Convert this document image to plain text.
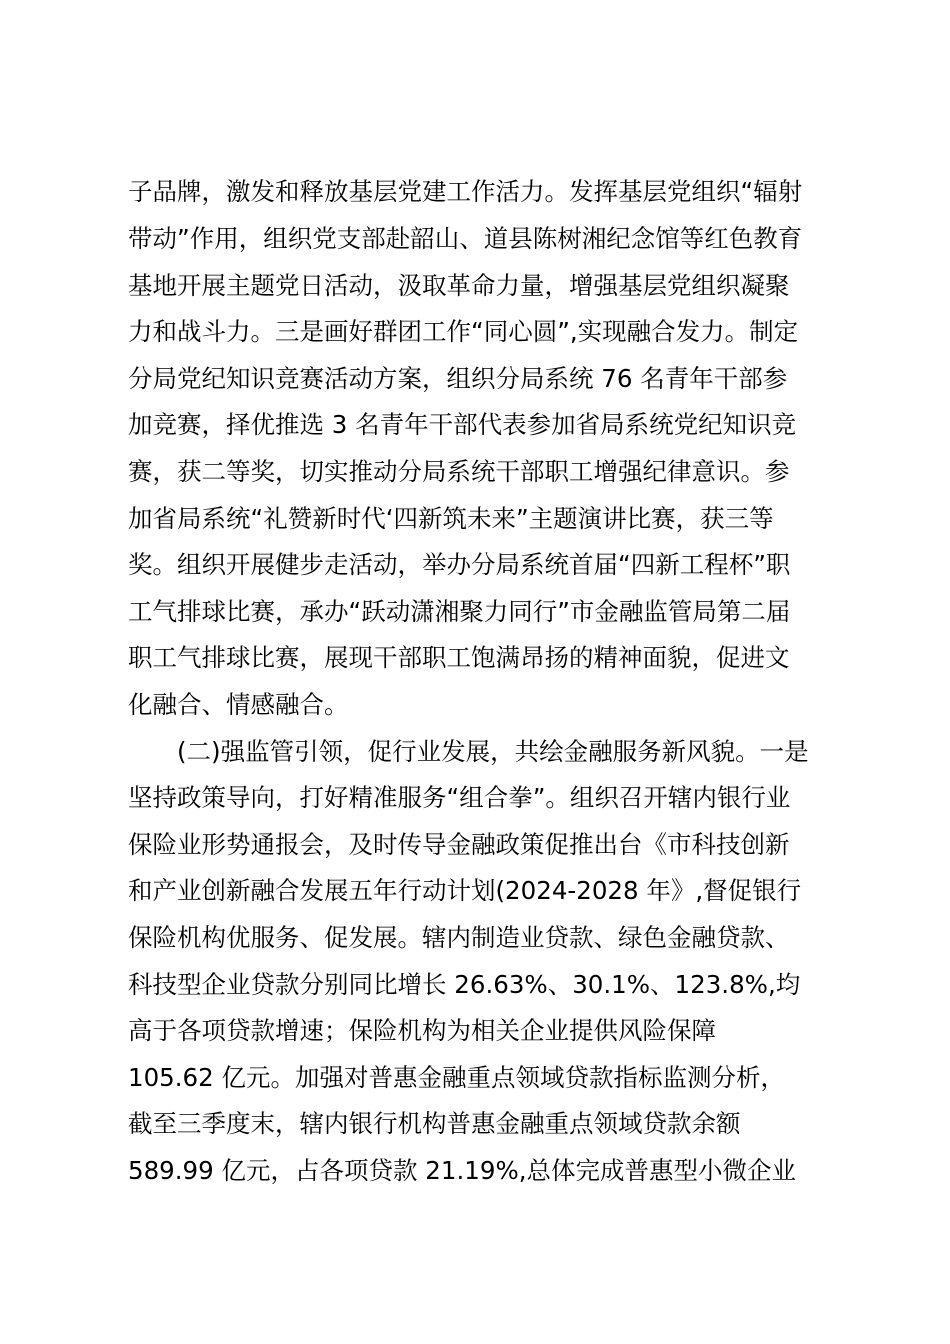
子品牌，激发和释放基层党建工作活力。发挥基层党组织“辐射
带动”作用，组织党支部赴韶山、道县陈树湘纪念馆等红色教育
基地开展主题党日活动，汲取革命力量，增强基层党组织凝聚
力和战斗力。三是画好群团工作“同心圆”,实现融合发力。制定
分局党纪知识竞赛活动方案，组织分局系统 76 名青年干部参
加竞赛，择优推选 3 名青年干部代表参加省局系统党纪知识竞
赛，获二等奖，切实推动分局系统干部职工增强纪律意识。参
加省局系统“礼赞新时代‘四新筑未来”主题演讲比赛，获三等
奖。组织开展健步走活动，举办分局系统首届“四新工程杯”职
工气排球比赛，承办“跃动潇湘聚力同行”市金融监管局第二届
职工气排球比赛，展现干部职工饱满昂扬的精神面貌，促进文
化融合、情感融合。
　　(二)强监管引领，促行业发展，共绘金融服务新风貌。一是
坚持政策导向，打好精准服务“组合拳”。组织召开辖内银行业
保险业形势通报会，及时传导金融政策促推出台《市科技创新
和产业创新融合发展五年行动计划(2024-2028 年》,督促银行
保险机构优服务、促发展。辖内制造业贷款、绿色金融贷款、
科技型企业贷款分别同比增长 26.63%、30.1%、123.8%,均
高于各项贷款增速；保险机构为相关企业提供风险保障
105.62 亿元。加强对普惠金融重点领域贷款指标监测分析，
截至三季度末，辖内银行机构普惠金融重点领域贷款余额
589.99 亿元，占各项贷款 21.19%,总体完成普惠型小微企业
